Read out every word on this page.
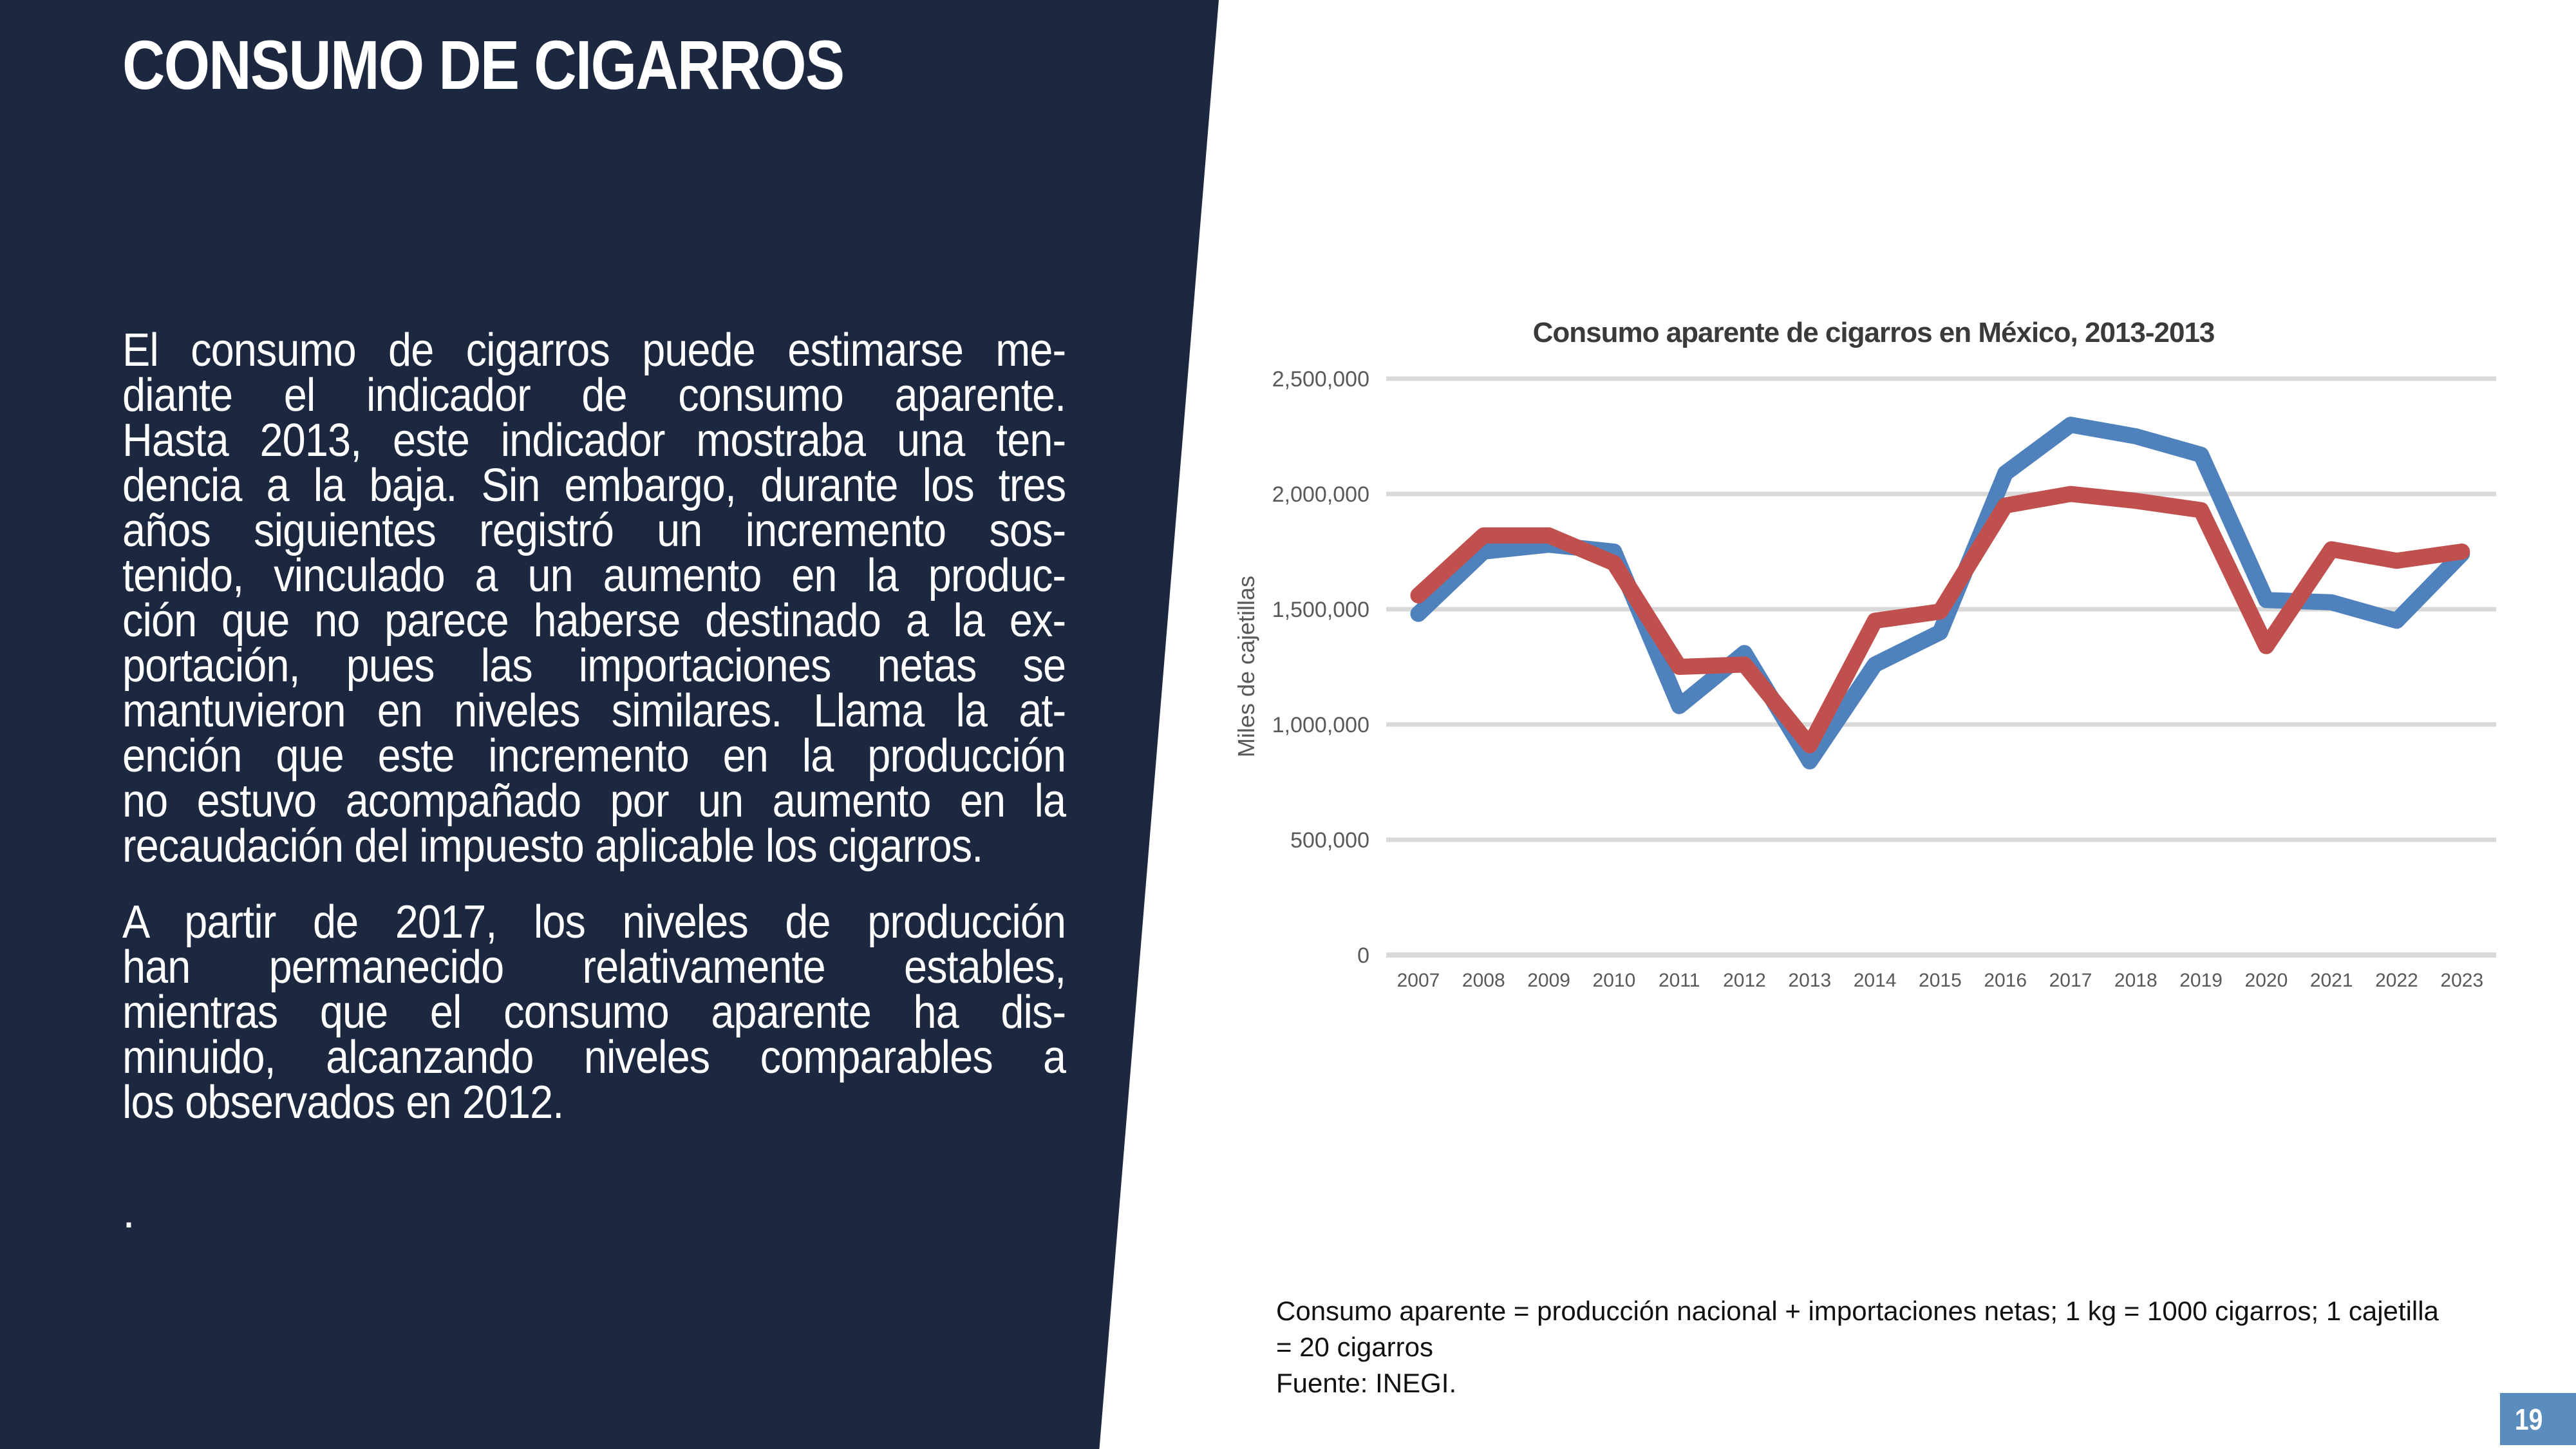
CONSUMO DE CIGARROS
El consumo de cigarros puede estimarse me-
diante el indicador de consumo aparente.
Hasta 2013, este indicador mostraba una ten-
dencia a la baja. Sin embargo, durante los tres
años siguientes registró un incremento sos-
tenido, vinculado a un aumento en la produc-
ción que no parece haberse destinado a la ex-
portación, pues las importaciones netas se
mantuvieron en niveles similares. Llama la at-
ención que este incremento en la producción
no estuvo acompañado por un aumento en la
recaudación del impuesto aplicable los cigarros.
A partir de 2017, los niveles de producción
han permanecido relativamente estables,
mientras que el consumo aparente ha dis-
minuido, alcanzando niveles comparables a
los observados en 2012.
.
Consumo aparente de cigarros en México, 2013-2013
0
500,000
1,000,000
1,500,000
2,000,000
2,500,000
2007 2008 2009 2010 2011 2012 2013 2014 2015 2016 2017 2018 2019 2020 2021 2022 2023
Miles de cajetillas
Consumo aparente = producción nacional + importaciones netas; 1 kg = 1000 cigarros; 1 cajetilla
= 20 cigarros
Fuente: INEGI.
19
